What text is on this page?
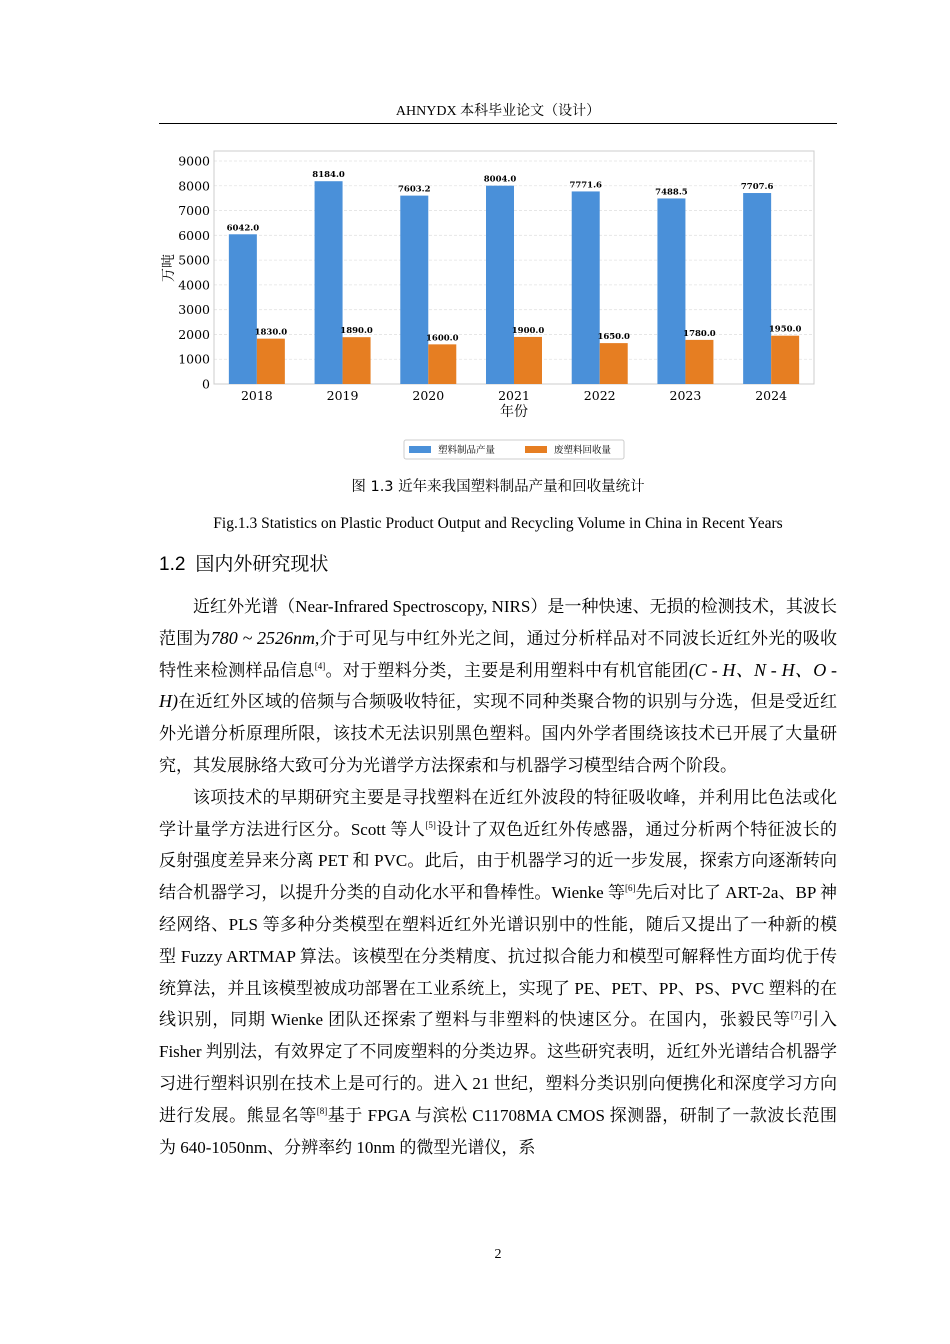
AHNYDX 本科毕业论文（设计）
0
1000
2000
3000
4000
5000
6000
7000
8000
9000
6042.0
1830.0
8184.0
1890.0
7603.2
1600.0
8004.0
1900.0
7771.6
1650.0
7488.5
1780.0
7707.6
1950.0
2018	2019	2020	2021	2022	2023	2024
万吨
年份
塑料制品产量	废塑料回收量
图 1.3 近年来我国塑料制品产量和回收量统计
Fig.1.3 Statistics on Plastic Product Output and Recycling Volume in China in Recent Years
1.2 国内外研究现状

近红外光谱（Near-Infrared Spectroscopy, NIRS）是一种快速、无损的检测技术，其波长范围为780 ~ 2526nm,介于可见与中红外光之间，通过分析样品对不同波长近红外光的吸收特性来检测样品信息[4]。对于塑料分类，主要是利用塑料中有机官能团(C - H、N - H、O - H)在近红外区域的倍频与合频吸收特征，实现不同种类聚合物的识别与分选，但是受近红外光谱分析原理所限，该技术无法识别黑色塑料。国内外学者围绕该技术已开展了大量研究，其发展脉络大致可分为光谱学方法探索和与机器学习模型结合两个阶段。

该项技术的早期研究主要是寻找塑料在近红外波段的特征吸收峰，并利用比色法或化学计量学方法进行区分。Scott 等人[5]设计了双色近红外传感器，通过分析两个特征波长的反射强度差异来分离 PET 和 PVC。此后，由于机器学习的近一步发展，探索方向逐渐转向结合机器学习，以提升分类的自动化水平和鲁棒性。Wienke 等[6]先后对比了 ART-2a、BP 神经网络、PLS 等多种分类模型在塑料近红外光谱识别中的性能，随后又提出了一种新的模型 Fuzzy ARTMAP 算法。该模型在分类精度、抗过拟合能力和模型可解释性方面均优于传统算法，并且该模型被成功部署在工业系统上，实现了 PE、PET、PP、PS、PVC 塑料的在线识别，同期 Wienke 团队还探索了塑料与非塑料的快速区分。在国内，张毅民等[7]引入 Fisher 判别法，有效界定了不同废塑料的分类边界。这些研究表明，近红外光谱结合机器学习进行塑料识别在技术上是可行的。进入 21 世纪，塑料分类识别向便携化和深度学习方向进行发展。熊显名等[8]基于 FPGA 与滨松 C11708MA CMOS 探测器，研制了一款波长范围为 640-1050nm、分辨率约 10nm 的微型光谱仪，系

2
